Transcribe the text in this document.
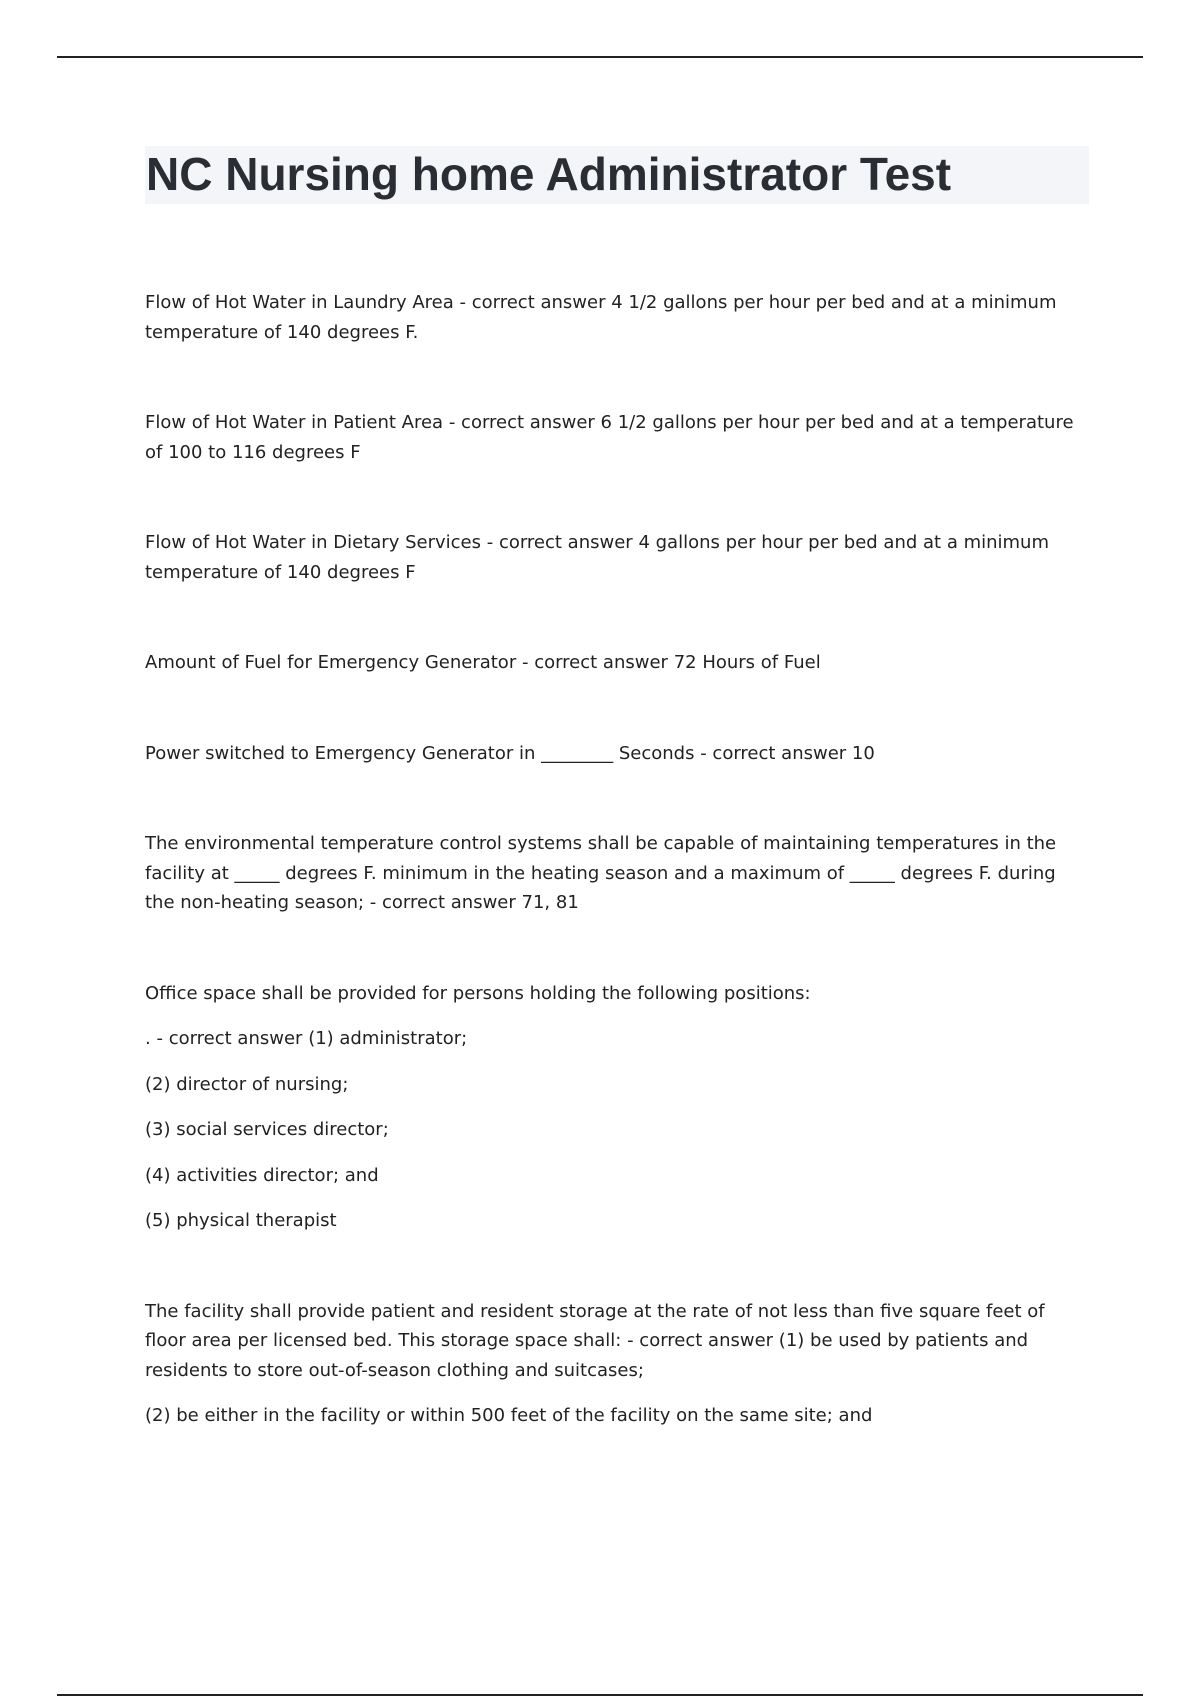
NC Nursing home Administrator Test

Flow of Hot Water in Laundry Area - correct answer 4 1/2 gallons per hour per bed and at a minimum temperature of 140 degrees F.

Flow of Hot Water in Patient Area - correct answer 6 1/2 gallons per hour per bed and at a temperature of 100 to 116 degrees F

Flow of Hot Water in Dietary Services - correct answer 4 gallons per hour per bed and at a minimum temperature of 140 degrees F

Amount of Fuel for Emergency Generator - correct answer 72 Hours of Fuel

Power switched to Emergency Generator in ________ Seconds - correct answer 10

The environmental temperature control systems shall be capable of maintaining temperatures in the facility at _____ degrees F. minimum in the heating season and a maximum of _____ degrees F. during the non-heating season; - correct answer 71, 81

Office space shall be provided for persons holding the following positions:

. - correct answer (1) administrator;

(2) director of nursing;

(3) social services director;

(4) activities director; and

(5) physical therapist

The facility shall provide patient and resident storage at the rate of not less than five square feet of floor area per licensed bed. This storage space shall: - correct answer (1) be used by patients and residents to store out-of-season clothing and suitcases;

(2) be either in the facility or within 500 feet of the facility on the same site; and
